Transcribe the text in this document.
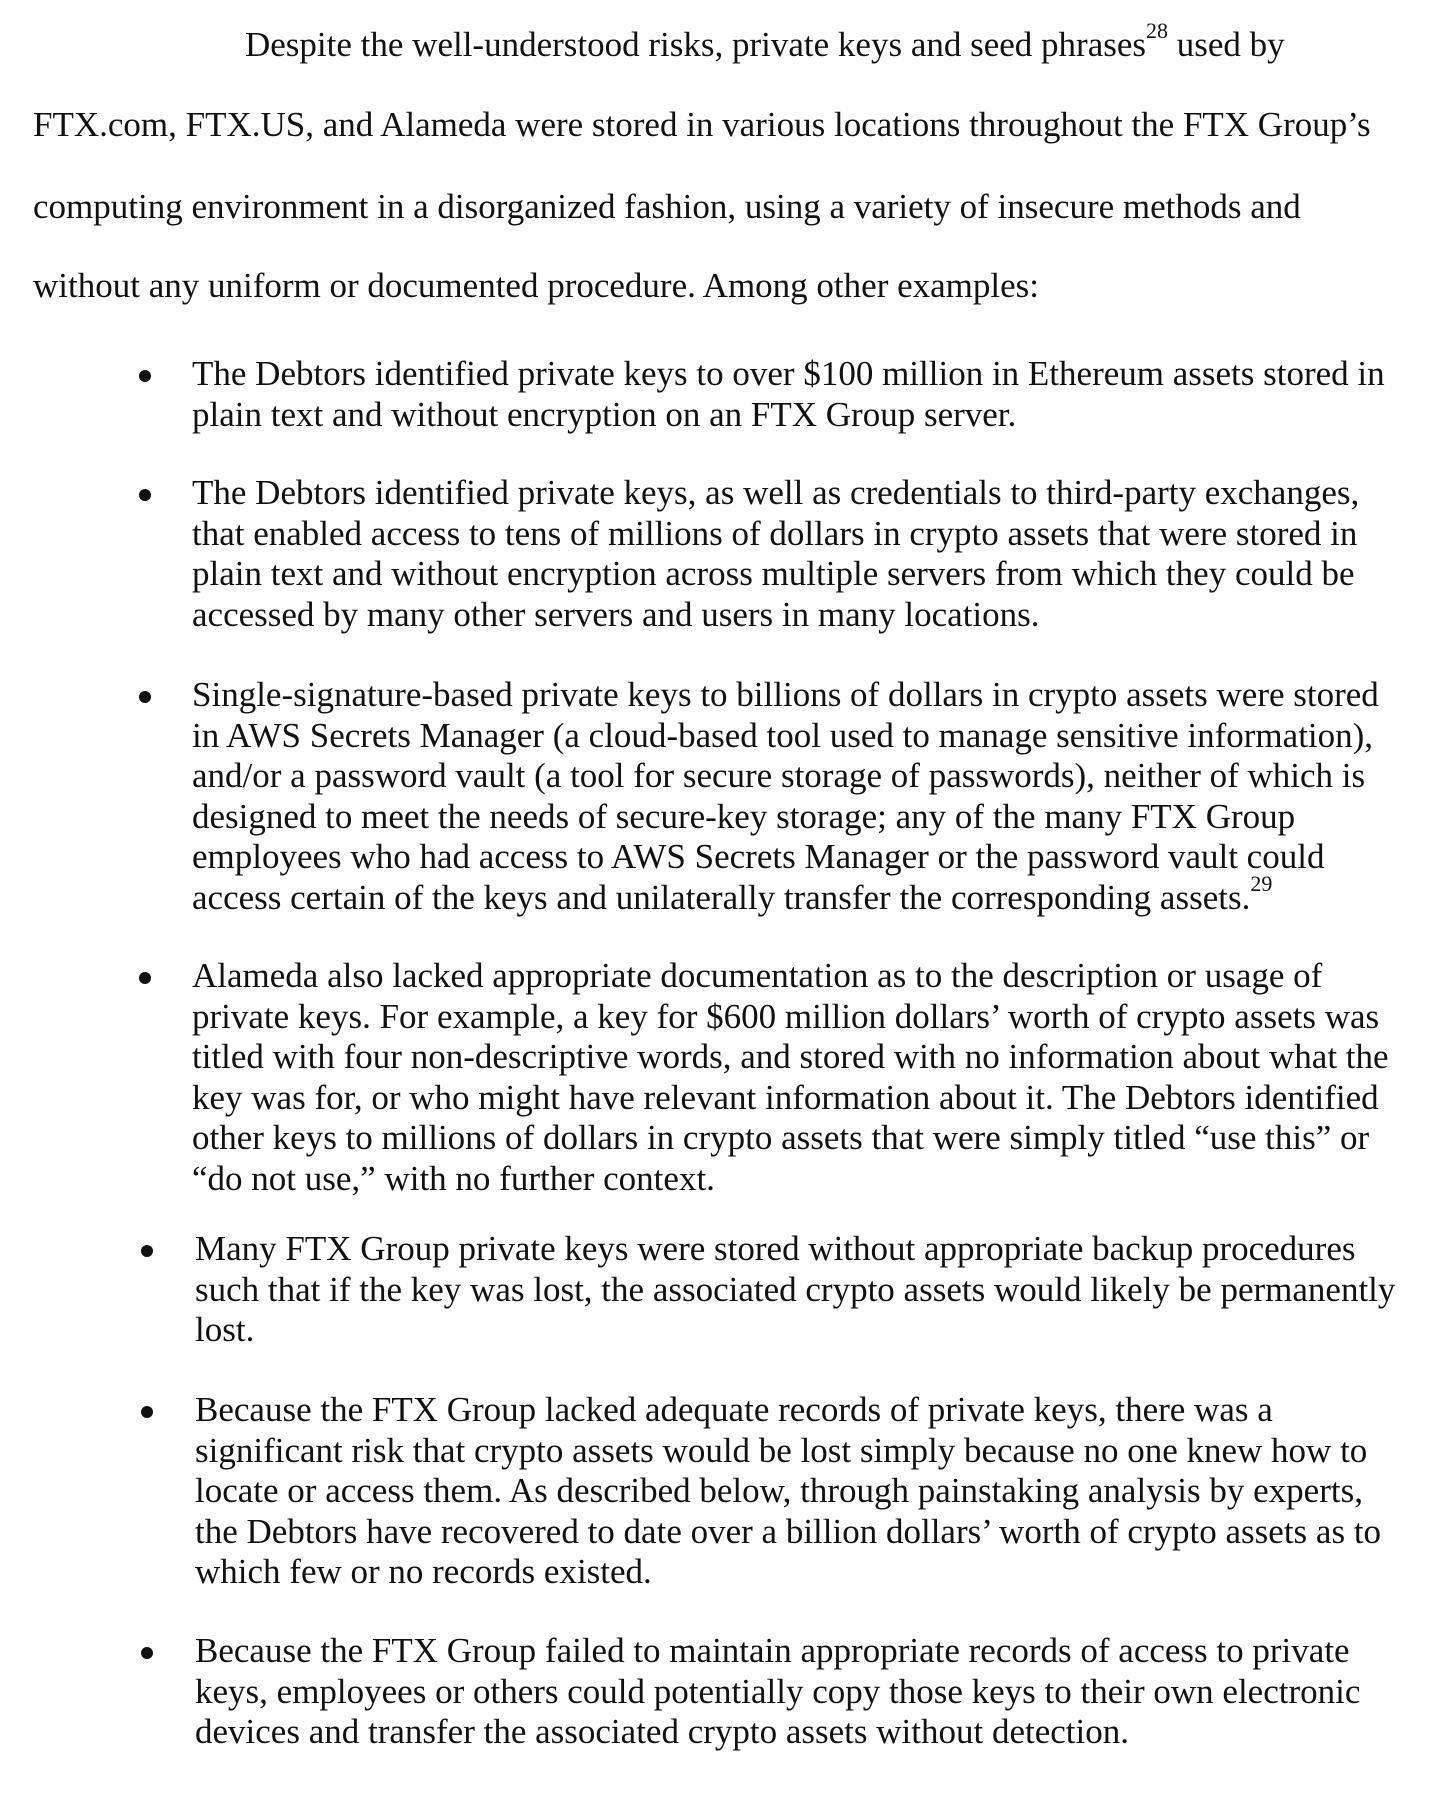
Despite the well-understood risks, private keys and seed phrases$^{28}$ used by
FTX.com, FTX.US, and Alameda were stored in various locations throughout the FTX Group’s
computing environment in a disorganized fashion, using a variety of insecure methods and
without any uniform or documented procedure. Among other examples:
The Debtors identified private keys to over $100 million in Ethereum assets stored in
plain text and without encryption on an FTX Group server.
The Debtors identified private keys, as well as credentials to third-party exchanges,
that enabled access to tens of millions of dollars in crypto assets that were stored in
plain text and without encryption across multiple servers from which they could be
accessed by many other servers and users in many locations.
Single-signature-based private keys to billions of dollars in crypto assets were stored
in AWS Secrets Manager (a cloud-based tool used to manage sensitive information),
and/or a password vault (a tool for secure storage of passwords), neither of which is
designed to meet the needs of secure-key storage; any of the many FTX Group
employees who had access to AWS Secrets Manager or the password vault could
access certain of the keys and unilaterally transfer the corresponding assets.$^{29}$
Alameda also lacked appropriate documentation as to the description or usage of
private keys. For example, a key for $600 million dollars’ worth of crypto assets was
titled with four non-descriptive words, and stored with no information about what the
key was for, or who might have relevant information about it. The Debtors identified
other keys to millions of dollars in crypto assets that were simply titled “use this” or
“do not use,” with no further context.
Many FTX Group private keys were stored without appropriate backup procedures
such that if the key was lost, the associated crypto assets would likely be permanently
lost.
Because the FTX Group lacked adequate records of private keys, there was a
significant risk that crypto assets would be lost simply because no one knew how to
locate or access them. As described below, through painstaking analysis by experts,
the Debtors have recovered to date over a billion dollars’ worth of crypto assets as to
which few or no records existed.
Because the FTX Group failed to maintain appropriate records of access to private
keys, employees or others could potentially copy those keys to their own electronic
devices and transfer the associated crypto assets without detection.
